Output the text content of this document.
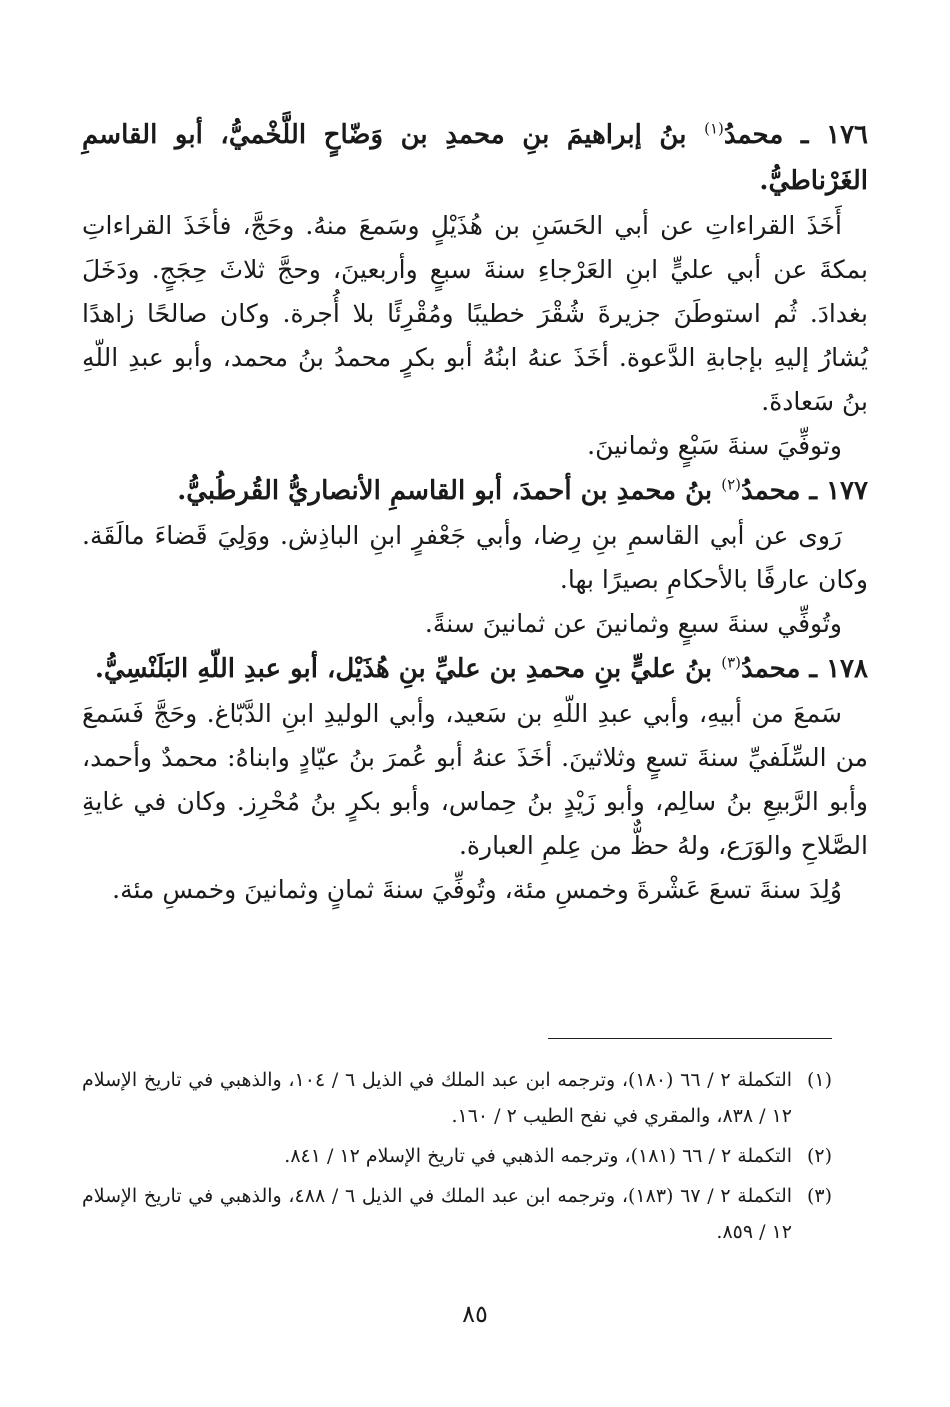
١٧٦ ـ محمدُ$^{(١)}$ بنُ إبراهيمَ بنِ محمدِ بن وَضّاحٍ اللَّخْميُّ، أبو القاسمِ الغَرْناطيُّ.

أَخَذَ القراءاتِ عن أبي الحَسَنِ بن هُذَيْلٍ وسَمعَ منهُ. وحَجَّ، فأخَذَ القراءاتِ بمكةَ عن أبي عليٍّ ابنِ العَرْجاءِ سنةَ سبعٍ وأربعينَ، وحجَّ ثلاثَ حِجَجٍ. ودَخَلَ بغدادَ. ثُم استوطَنَ جزيرةَ شُقْرَ خطيبًا ومُقْرِئًا بلا أُجرة. وكان صالحًا زاهدًا يُشارُ إليهِ بإجابةِ الدَّعوة. أخَذَ عنهُ ابنُهُ أبو بكرٍ محمدُ بنُ محمد، وأبو عبدِ اللّهِ بنُ سَعادةَ.

وتوفِّيَ سنةَ سَبْعٍ وثمانينَ.

١٧٧ ـ محمدُ$^{(٢)}$ بنُ محمدِ بن أحمدَ، أبو القاسمِ الأنصاريُّ القُرطُبيُّ.

رَوى عن أبي القاسمِ بنِ رِضا، وأبي جَعْفرٍ ابنِ الباذِش. ووَلِيَ قَضاءَ مالَقَة. وكان عارفًا بالأحكامِ بصيرًا بها.

وتُوفِّي سنةَ سبعٍ وثمانينَ عن ثمانينَ سنةً.

١٧٨ ـ محمدُ$^{(٣)}$ بنُ عليٍّ بنِ محمدِ بن عليِّ بنِ هُذَيْل، أبو عبدِ اللّهِ البَلَنْسِيُّ.

سَمعَ من أبيهِ، وأبي عبدِ اللّهِ بن سَعيد، وأبي الوليدِ ابنِ الدَّبّاغ. وحَجَّ فَسَمعَ من السِّلَفيِّ سنةَ تسعٍ وثلاثينَ. أخَذَ عنهُ أبو عُمرَ بنُ عيّادٍ وابناهُ: محمدٌ وأحمد، وأبو الرَّبيعِ بنُ سالِم، وأبو زَيْدٍ بنُ حِماس، وأبو بكرٍ بنُ مُحْرِز. وكان في غايةِ الصَّلاحِ والوَرَع، ولهُ حظٌّ من عِلمِ العبارة.

وُلِدَ سنةَ تسعَ عَشْرةَ وخمسِ مئة، وتُوفِّيَ سنةَ ثمانٍ وثمانينَ وخمسِ مئة.

(١)
التكملة ٢ / ٦٦ (١٨٠)، وترجمه ابن عبد الملك في الذيل ٦ / ١٠٤، والذهبي في تاريخ الإسلام ١٢ / ٨٣٨، والمقري في نفح الطيب ٢ / ١٦٠.
(٢)
التكملة ٢ / ٦٦ (١٨١)، وترجمه الذهبي في تاريخ الإسلام ١٢ / ٨٤١.
(٣)
التكملة ٢ / ٦٧ (١٨٣)، وترجمه ابن عبد الملك في الذيل ٦ / ٤٨٨، والذهبي في تاريخ الإسلام ١٢ / ٨٥٩.
٨٥
